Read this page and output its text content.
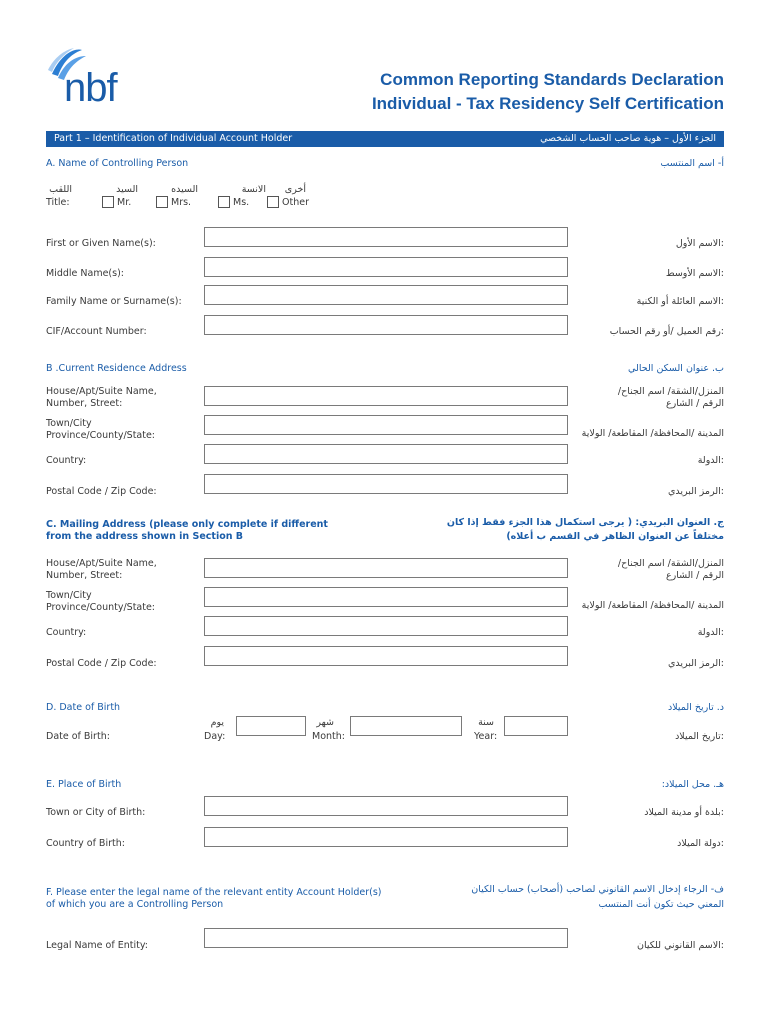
nbf	Common Reporting Standards Declaration
Individual - Tax Residency Self Certification
Part 1 – Identification of Individual Account Holder	الجزء الأول – هوية صاحب الحساب الشخصي
A. Name of Controlling Person	أ- اسم المنتسب
اللقب
Title:
السيد
Mr.
السيده
Mrs.
الانسة
Ms.
أخرى
Other
First or Given Name(s):	:الاسم الأول
Middle Name(s):	:الاسم الأوسط
Family Name or Surname(s):	:الاسم العائلة أو الكنية
CIF/Account Number:	:رقم العميل /أو رقم الحساب
B .Current Residence Address	ب. عنوان السكن الحالي
House/Apt/Suite Name,
Number, Street:
المنزل/الشقة/ اسم الجناح/
الرقم / الشارع
Town/City
Province/County/State:	المدينة /المحافظة/ المقاطعة/ الولاية
Country:	:الدولة
Postal Code / Zip Code:	:الرمز البريدي
C. Mailing Address (please only complete if different
from the address shown in Section B
ج. العنوان البريدي: ( يرجى استكمال هذا الجزء فقط إذا كان
مختلفاً عن العنوان الظاهر في القسم ب أعلاه)
House/Apt/Suite Name,
Number, Street:
المنزل/الشقة/ اسم الجناح/
الرقم / الشارع
Town/City
Province/County/State:	المدينة /المحافظة/ المقاطعة/ الولاية
Country:	:الدولة
Postal Code / Zip Code:	:الرمز البريدي
D. Date of Birth	د. تاريخ الميلاد
Date of Birth:	:تاريخ الميلاد
يوم
Day:
شهر
Month:
سنة
Year:
E. Place of Birth	هـ. محل الميلاد:
Town or City of Birth:	:بلدة أو مدينة الميلاد
Country of Birth:	:دولة الميلاد
F. Please enter the legal name of the relevant entity Account Holder(s)
of which you are a Controlling Person
ف- الرجاء إدخال الاسم القانوني لصاحب (أصحاب) حساب الكيان
المعني حيث تكون أنت المنتسب
Legal Name of Entity:	:الاسم القانوني للكيان
